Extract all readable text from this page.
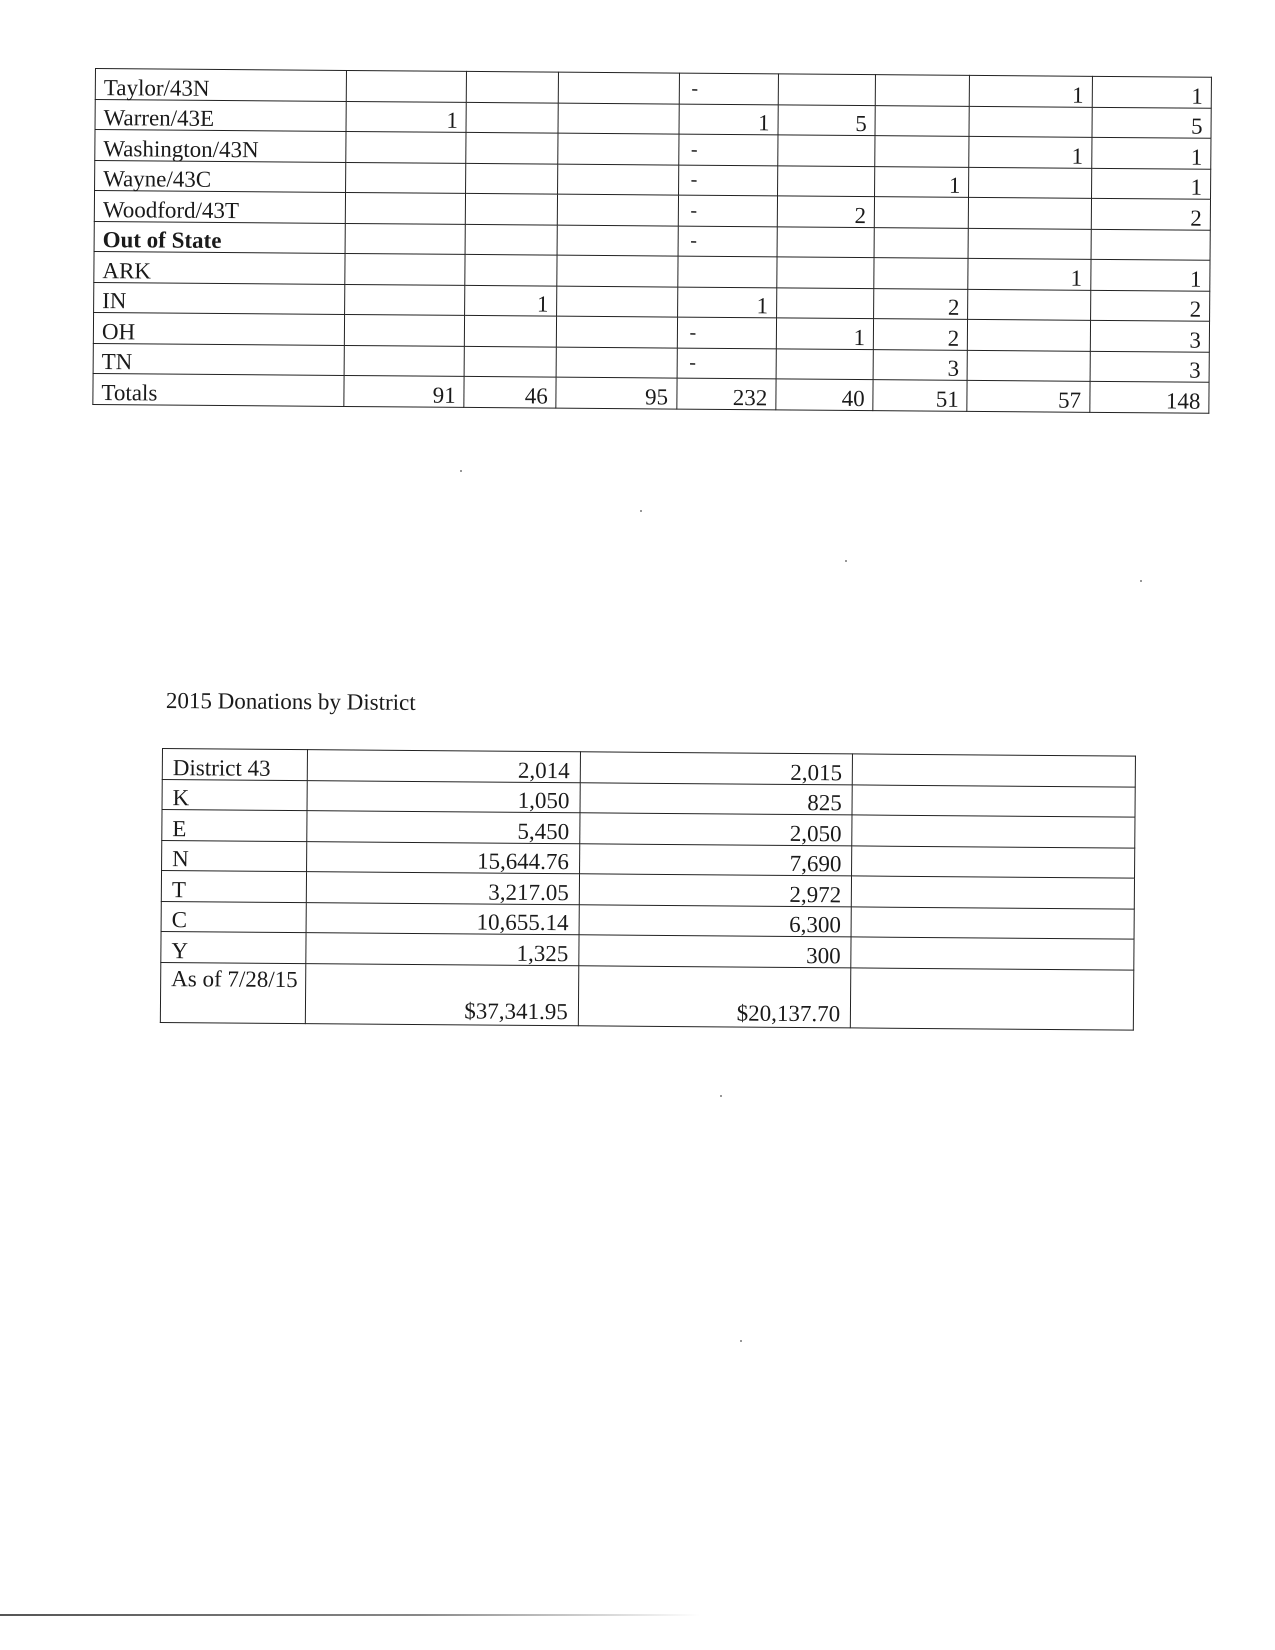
Taylor/43N				-			1	1
Warren/43E	1			1	5			5
Washington/43N				-			1	1
Wayne/43C				-		1		1
Woodford/43T				-	2			2
Out of State				-				
ARK							1	1
IN		1		1		2		2
OH				-	1	2		3
TN				-		3		3
Totals	91	46	95	232	40	51	57	148
2015 Donations by District
District 43	2,014	2,015	
K	1,050	825	
E	5,450	2,050	
N	15,644.76	7,690	
T	3,217.05	2,972	
C	10,655.14	6,300	
Y	1,325	300	
As of 7/28/15	$37,341.95	$20,137.70	
